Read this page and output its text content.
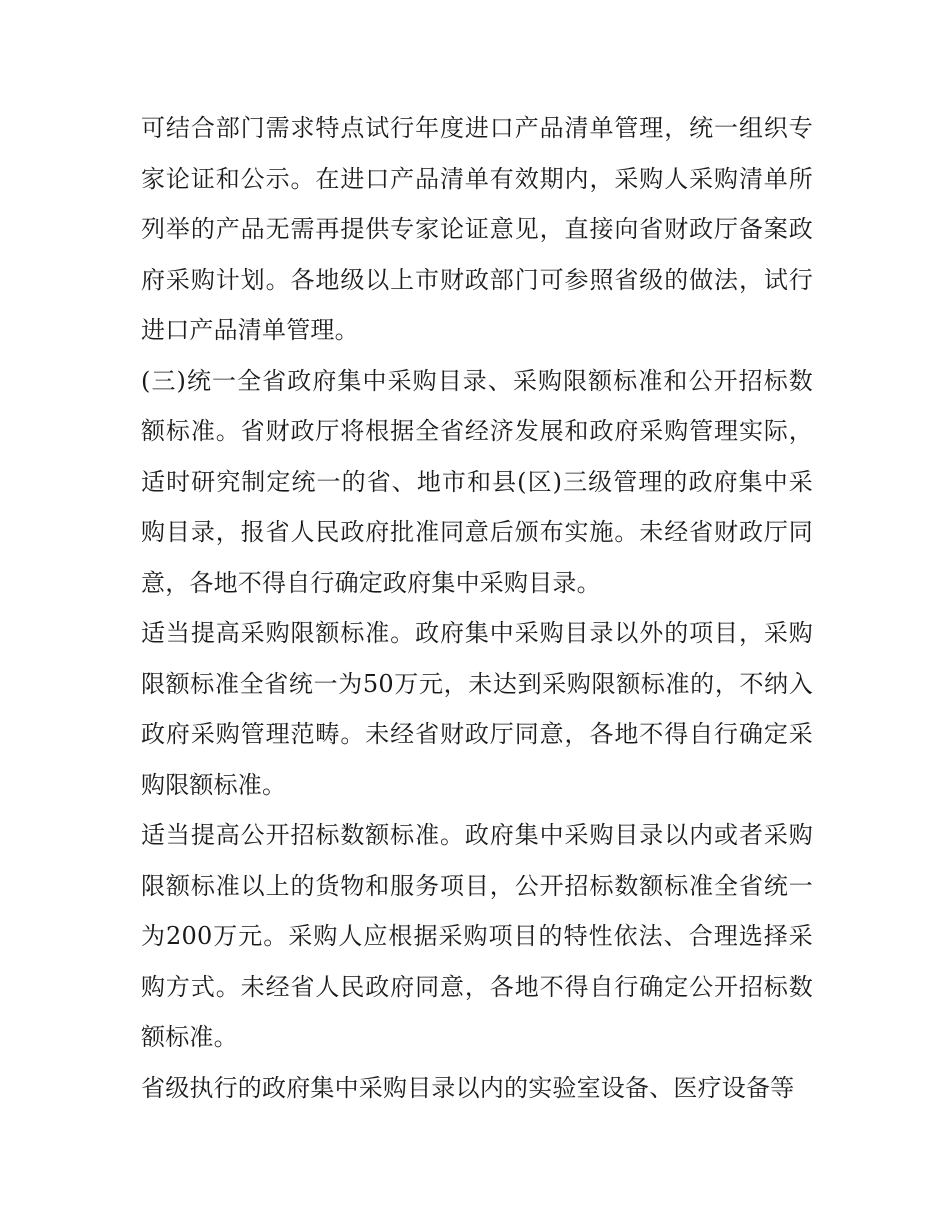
可结合部门需求特点试行年度进口产品清单管理，统一组织专家论证和公示。在进口产品清单有效期内，采购人采购清单所列举的产品无需再提供专家论证意见，直接向省财政厅备案政府采购计划。各地级以上市财政部门可参照省级的做法，试行进口产品清单管理。

(三)统一全省政府集中采购目录、采购限额标准和公开招标数额标准。省财政厅将根据全省经济发展和政府采购管理实际，适时研究制定统一的省、地市和县(区)三级管理的政府集中采购目录，报省人民政府批准同意后颁布实施。未经省财政厅同意，各地不得自行确定政府集中采购目录。

适当提高采购限额标准。政府集中采购目录以外的项目，采购限额标准全省统一为50万元，未达到采购限额标准的，不纳入政府采购管理范畴。未经省财政厅同意，各地不得自行确定采购限额标准。

适当提高公开招标数额标准。政府集中采购目录以内或者采购限额标准以上的货物和服务项目，公开招标数额标准全省统一为200万元。采购人应根据采购项目的特性依法、合理选择采购方式。未经省人民政府同意，各地不得自行确定公开招标数额标准。

省级执行的政府集中采购目录以内的实验室设备、医疗设备等
